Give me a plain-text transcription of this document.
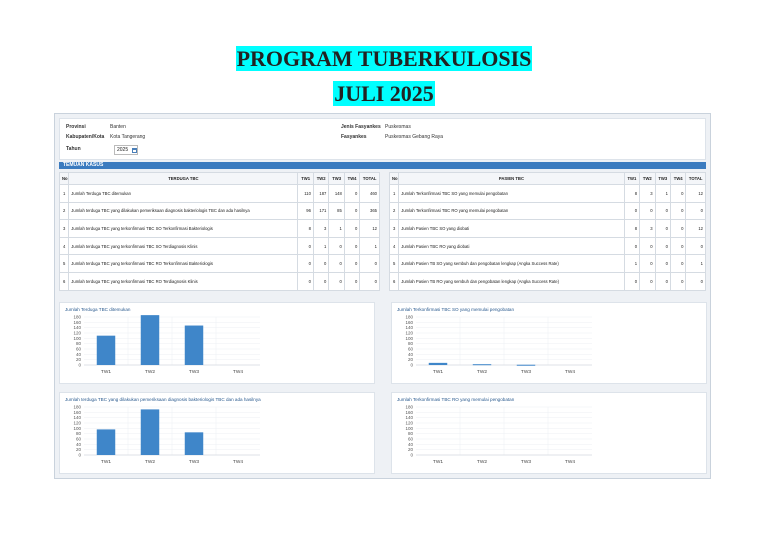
PROGRAM TUBERKULOSIS
JULI 2025
Provinsi	Banten
Kabupaten/Kota Kota Tangerang
Tahun	2025
Jenis Fasyankes Puskesmas
Fasyankes	Puskesmas Gebang Raya
TEMUAN KASUS
No	TERDUGA TBC	TW1	TW2	TW3	TW4	TOTAL
1	Jumlah Terduga TBC ditemukan	110	187	148	0	460
2	Jumlah terduga TBC yang dilakukan pemeriksaan diagnosis bakteriologis TBC dan ada hasilnya	96	171	85	0	365
3	Jumlah terduga TBC yang terkonfirmasi TBC SO Terkonfirmasi Bakteriologis	8	3	1	0	12
4	Jumlah terduga TBC yang terkonfirmasi TBC SO Terdiagnosis Klinis	0	1	0	0	1
5	Jumlah terduga TBC yang terkonfirmasi TBC RO Terkonfirmasi Bakteriologis	0	0	0	0	0
6	Jumlah terduga TBC yang terkonfirmasi TBC RO Terdiagnosis Klinis	0	0	0	0	0
No	PASIEN TBC	TW1	TW2	TW3	TW4	TOTAL
1	Jumlah Terkonfirmasi TBC SO yang memulai pengobatan	8	3	1	0	12
2	Jumlah Terkonfirmasi TBC RO yang memulai pengobatan	0	0	0	0	0
3	Jumlah Pasien TBC SO yang diobati	8	3	0	0	12
4	Jumlah Pasien TBC RO yang diobati	0	0	0	0	0
5	Jumlah Pasien TB SO yang sembuh dan pengobatan lengkap (Angka Success Rate)	1	0	0	0	1
6	Jumlah Pasien TB RO yang sembuh dan pengobatan lengkap (Angka Success Rate)	0	0	0	0	0
Jumlah Terduga TBC ditemukan
0
20
40
60
80
100
120
140
160
180
TW1	TW2	TW3	TW4
Jumlah Terkonfirmasi TBC SO yang memulai pengobatan
0
20
40
60
80
100
120
140
160
180
TW1	TW2	TW3	TW4
Jumlah terduga TBC yang dilakukan pemeriksaan diagnosis bakteriologis TBC dan ada hasilnya
0
20
40
60
80
100
120
140
160
180
TW1	TW2	TW3	TW4
Jumlah Terkonfirmasi TBC RO yang memulai pengobatan
0
20
40
60
80
100
120
140
160
180
TW1	TW2	TW3	TW4
